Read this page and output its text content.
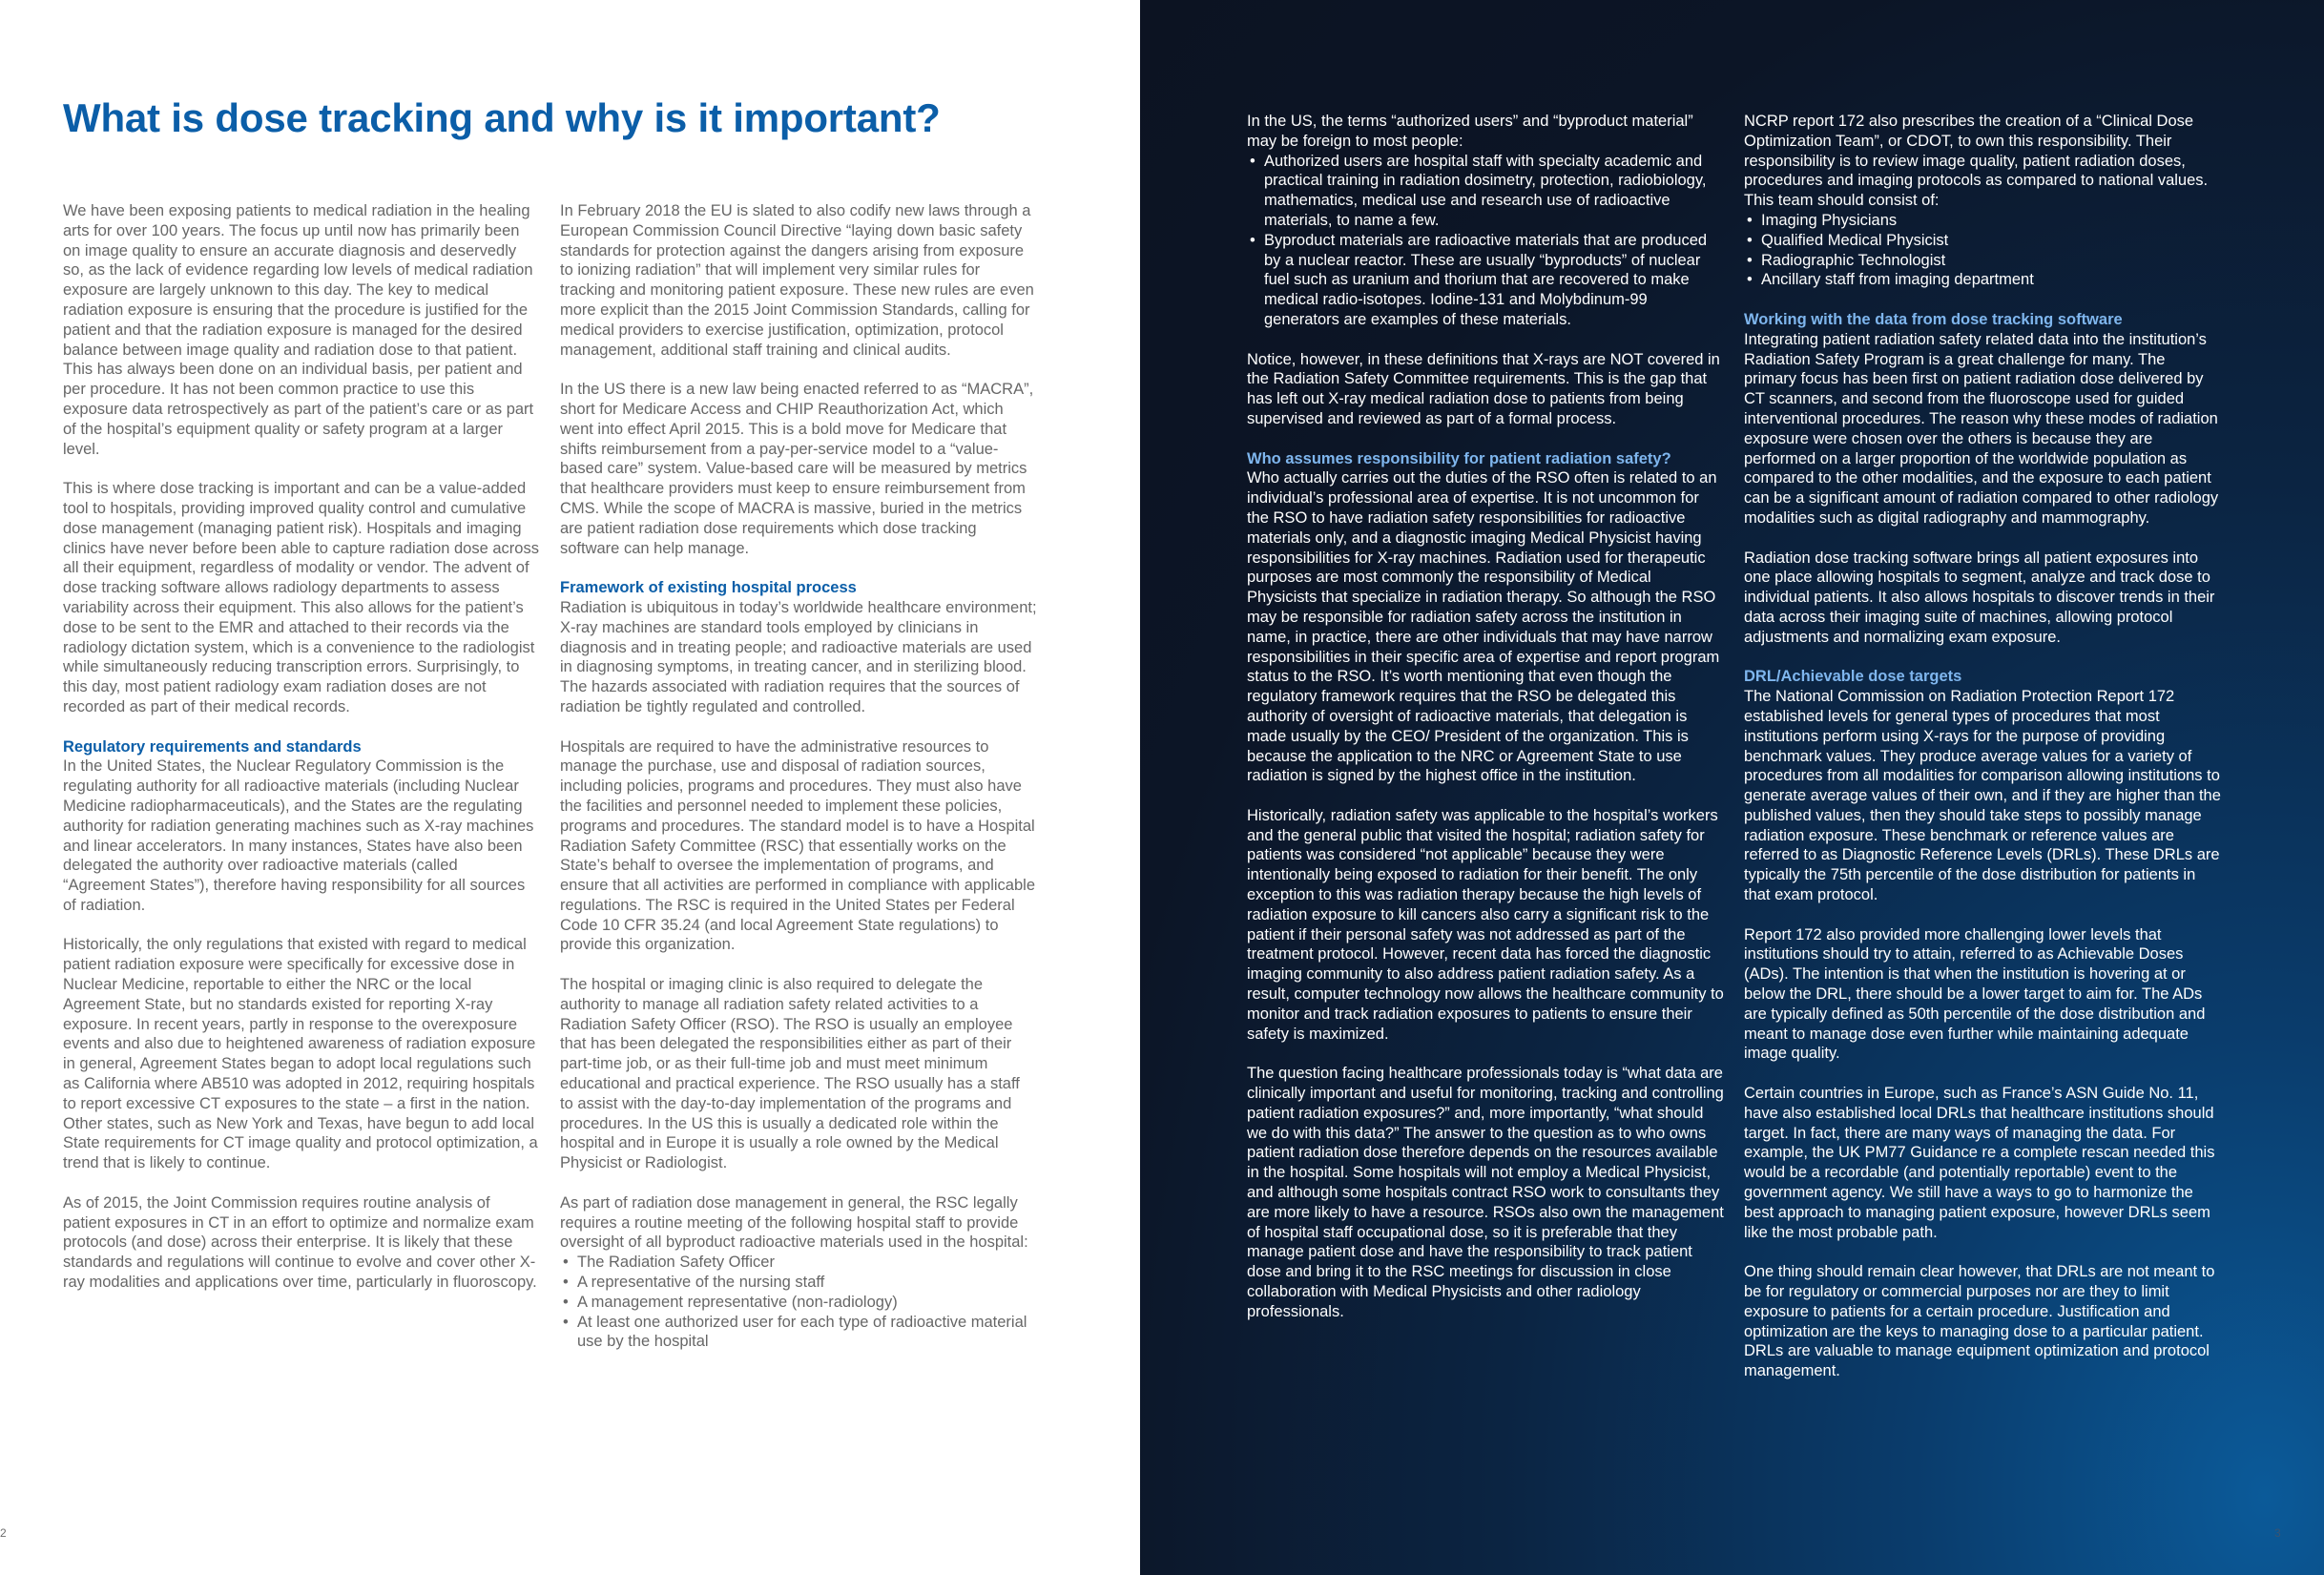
What is dose tracking and why is it important?

We have been exposing patients to medical radiation in the healing arts for over 100 years. The focus up until now has primarily been on image quality to ensure an accurate diagnosis and deservedly so, as the lack of evidence regarding low levels of medical radiation exposure are largely unknown to this day. The key to medical radiation exposure is ensuring that the procedure is justified for the patient and that the radiation exposure is managed for the desired balance between image quality and radiation dose to that patient. This has always been done on an individual basis, per patient and per procedure. It has not been common practice to use this exposure data retrospectively as part of the patient’s care or as part of the hospital’s equipment quality or safety program at a larger level.

This is where dose tracking is important and can be a value-added tool to hospitals, providing improved quality control and cumulative dose management (managing patient risk). Hospitals and imaging clinics have never before been able to capture radiation dose across all their equipment, regardless of modality or vendor. The advent of dose tracking software allows radiology departments to assess variability across their equipment. This also allows for the patient’s dose to be sent to the EMR and attached to their records via the radiology dictation system, which is a convenience to the radiologist while simultaneously reducing transcription errors. Surprisingly, to this day, most patient radiology exam radiation doses are not recorded as part of their medical records.

Regulatory requirements and standards

In the United States, the Nuclear Regulatory Commission is the regulating authority for all radioactive materials (including Nuclear Medicine radiopharmaceuticals), and the States are the regulating authority for radiation generating machines such as X-ray machines and linear accelerators. In many instances, States have also been delegated the authority over radioactive materials (called “Agreement States”), therefore having responsibility for all sources of radiation.

Historically, the only regulations that existed with regard to medical patient radiation exposure were specifically for excessive dose in Nuclear Medicine, reportable to either the NRC or the local Agreement State, but no standards existed for reporting X-ray exposure. In recent years, partly in response to the overexposure events and also due to heightened awareness of radiation exposure in general, Agreement States began to adopt local regulations such as California where AB510 was adopted in 2012, requiring hospitals to report excessive CT exposures to the state – a first in the nation. Other states, such as New York and Texas, have begun to add local State requirements for CT image quality and protocol optimization, a trend that is likely to continue.

As of 2015, the Joint Commission requires routine analysis of patient exposures in CT in an effort to optimize and normalize exam protocols (and dose) across their enterprise. It is likely that these standards and regulations will continue to evolve and cover other X-ray modalities and applications over time, particularly in fluoroscopy.

In February 2018 the EU is slated to also codify new laws through a European Commission Council Directive “laying down basic safety standards for protection against the dangers arising from exposure to ionizing radiation” that will implement very similar rules for tracking and monitoring patient exposure. These new rules are even more explicit than the 2015 Joint Commission Standards, calling for medical providers to exercise justification, optimization, protocol management, additional staff training and clinical audits.

In the US there is a new law being enacted referred to as “MACRA”, short for Medicare Access and CHIP Reauthorization Act, which went into effect April 2015. This is a bold move for Medicare that shifts reimbursement from a pay-per-service model to a “value-based care” system. Value-based care will be measured by metrics that healthcare providers must keep to ensure reimbursement from CMS. While the scope of MACRA is massive, buried in the metrics are patient radiation dose requirements which dose tracking software can help manage.

Framework of existing hospital process

Radiation is ubiquitous in today’s worldwide healthcare environment; X-ray machines are standard tools employed by clinicians in diagnosis and in treating people; and radioactive materials are used in diagnosing symptoms, in treating cancer, and in sterilizing blood. The hazards associated with radiation requires that the sources of radiation be tightly regulated and controlled.

Hospitals are required to have the administrative resources to manage the purchase, use and disposal of radiation sources, including policies, programs and procedures. They must also have the facilities and personnel needed to implement these policies, programs and procedures. The standard model is to have a Hospital Radiation Safety Committee (RSC) that essentially works on the State’s behalf to oversee the implementation of programs, and ensure that all activities are performed in compliance with applicable regulations. The RSC is required in the United States per Federal Code 10 CFR 35.24 (and local Agreement State regulations) to provide this organization.

The hospital or imaging clinic is also required to delegate the authority to manage all radiation safety related activities to a Radiation Safety Officer (RSO). The RSO is usually an employee that has been delegated the responsibilities either as part of their part-time job, or as their full-time job and must meet minimum educational and practical experience. The RSO usually has a staff to assist with the day-to-day implementation of the programs and procedures. In the US this is usually a dedicated role within the hospital and in Europe it is usually a role owned by the Medical Physicist or Radiologist.

As part of radiation dose management in general, the RSC legally requires a routine meeting of the following hospital staff to provide oversight of all byproduct radioactive materials used in the hospital:

• The Radiation Safety Officer
• A representative of the nursing staff
• A management representative (non-radiology)
• At least one authorized user for each type of radioactive material use by the hospital

In the US, the terms “authorized users” and “byproduct material” may be foreign to most people:

• Authorized users are hospital staff with specialty academic and practical training in radiation dosimetry, protection, radiobiology, mathematics, medical use and research use of radioactive materials, to name a few.
• Byproduct materials are radioactive materials that are produced by a nuclear reactor. These are usually “byproducts” of nuclear fuel such as uranium and thorium that are recovered to make medical radio-isotopes. Iodine-131 and Molybdinum-99 generators are examples of these materials.

Notice, however, in these definitions that X-rays are NOT covered in the Radiation Safety Committee requirements. This is the gap that has left out X-ray medical radiation dose to patients from being supervised and reviewed as part of a formal process.

Who assumes responsibility for patient radiation safety?

Who actually carries out the duties of the RSO often is related to an individual’s professional area of expertise. It is not uncommon for the RSO to have radiation safety responsibilities for radioactive materials only, and a diagnostic imaging Medical Physicist having responsibilities for X-ray machines. Radiation used for therapeutic purposes are most commonly the responsibility of Medical Physicists that specialize in radiation therapy. So although the RSO may be responsible for radiation safety across the institution in name, in practice, there are other individuals that may have narrow responsibilities in their specific area of expertise and report program status to the RSO. It’s worth mentioning that even though the regulatory framework requires that the RSO be delegated this authority of oversight of radioactive materials, that delegation is made usually by the CEO/ President of the organization. This is because the application to the NRC or Agreement State to use radiation is signed by the highest office in the institution.

Historically, radiation safety was applicable to the hospital’s workers and the general public that visited the hospital; radiation safety for patients was considered “not applicable” because they were intentionally being exposed to radiation for their benefit. The only exception to this was radiation therapy because the high levels of radiation exposure to kill cancers also carry a significant risk to the patient if their personal safety was not addressed as part of the treatment protocol. However, recent data has forced the diagnostic imaging community to also address patient radiation safety. As a result, computer technology now allows the healthcare community to monitor and track radiation exposures to patients to ensure their safety is maximized.

The question facing healthcare professionals today is “what data are clinically important and useful for monitoring, tracking and controlling patient radiation exposures?” and, more importantly, “what should we do with this data?” The answer to the question as to who owns patient radiation dose therefore depends on the resources available in the hospital. Some hospitals will not employ a Medical Physicist, and although some hospitals contract RSO work to consultants they are more likely to have a resource. RSOs also own the management of hospital staff occupational dose, so it is preferable that they manage patient dose and have the responsibility to track patient dose and bring it to the RSC meetings for discussion in close collaboration with Medical Physicists and other radiology professionals.

NCRP report 172 also prescribes the creation of a “Clinical Dose Optimization Team”, or CDOT, to own this responsibility. Their responsibility is to review image quality, patient radiation doses, procedures and imaging protocols as compared to national values. This team should consist of:

• Imaging Physicians
• Qualified Medical Physicist
• Radiographic Technologist
• Ancillary staff from imaging department
Working with the data from dose tracking software

Integrating patient radiation safety related data into the institution’s Radiation Safety Program is a great challenge for many. The primary focus has been first on patient radiation dose delivered by CT scanners, and second from the fluoroscope used for guided interventional procedures. The reason why these modes of radiation exposure were chosen over the others is because they are performed on a larger proportion of the worldwide population as compared to the other modalities, and the exposure to each patient can be a significant amount of radiation compared to other radiology modalities such as digital radiography and mammography.

Radiation dose tracking software brings all patient exposures into one place allowing hospitals to segment, analyze and track dose to individual patients. It also allows hospitals to discover trends in their data across their imaging suite of machines, allowing protocol adjustments and normalizing exam exposure.

DRL/Achievable dose targets

The National Commission on Radiation Protection Report 172 established levels for general types of procedures that most institutions perform using X-rays for the purpose of providing benchmark values. They produce average values for a variety of procedures from all modalities for comparison allowing institutions to generate average values of their own, and if they are higher than the published values, then they should take steps to possibly manage radiation exposure. These benchmark or reference values are referred to as Diagnostic Reference Levels (DRLs). These DRLs are typically the 75th percentile of the dose distribution for patients in that exam protocol.

Report 172 also provided more challenging lower levels that institutions should try to attain, referred to as Achievable Doses (ADs). The intention is that when the institution is hovering at or below the DRL, there should be a lower target to aim for. The ADs are typically defined as 50th percentile of the dose distribution and meant to manage dose even further while maintaining adequate image quality.

Certain countries in Europe, such as France’s ASN Guide No. 11, have also established local DRLs that healthcare institutions should target. In fact, there are many ways of managing the data. For example, the UK PM77 Guidance re a complete rescan needed this would be a recordable (and potentially reportable) event to the government agency. We still have a ways to go to harmonize the best approach to managing patient exposure, however DRLs seem like the most probable path.

One thing should remain clear however, that DRLs are not meant to be for regulatory or commercial purposes nor are they to limit exposure to patients for a certain procedure. Justification and optimization are the keys to managing dose to a particular patient. DRLs are valuable to manage equipment optimization and protocol management.

2	3
